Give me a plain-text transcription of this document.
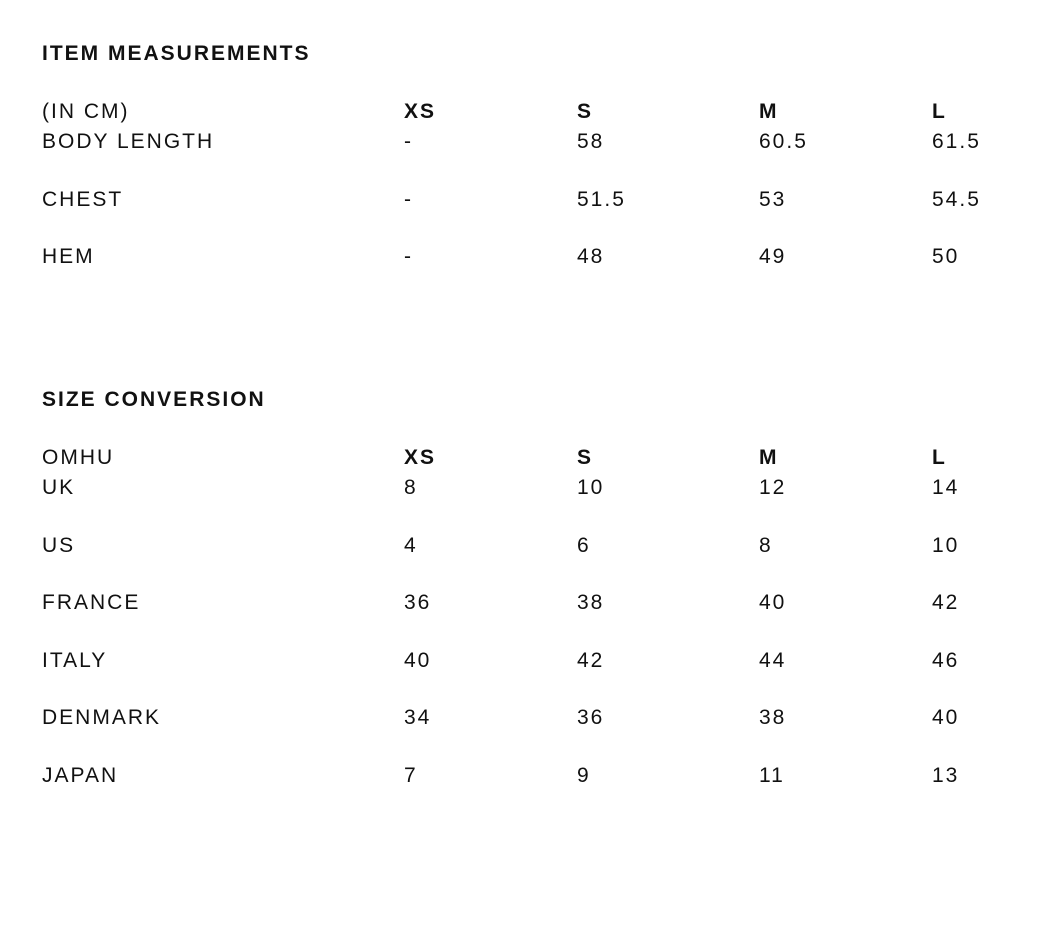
ITEM MEASUREMENTS
(IN CM)	XS	S	M	L
BODY LENGTH	-	58	60.5	61.5
CHEST	-	51.5	53	54.5
HEM	-	48	49	50
SIZE CONVERSION
OMHU	XS	S	M	L
UK	8	10	12	14
US	4	6	8	10
FRANCE	36	38	40	42
ITALY	40	42	44	46
DENMARK	34	36	38	40
JAPAN	7	9	11	13
